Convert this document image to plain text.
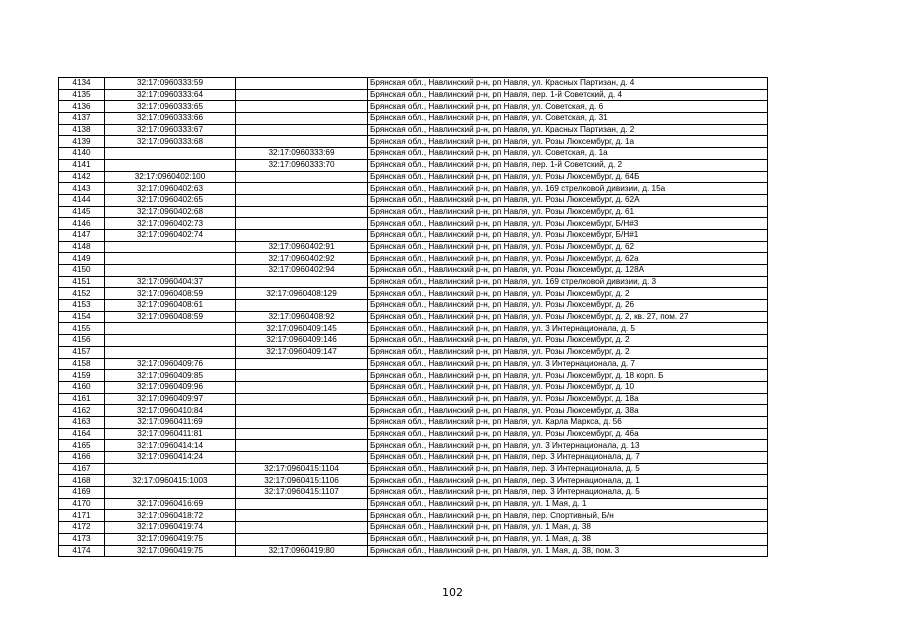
4134	32:17:0960333:59		Брянская обл., Навлинский р-н, рп Навля, ул. Красных Партизан, д. 4
4135	32:17:0960333:64		Брянская обл., Навлинский р-н, рп Навля, пер. 1-й Советский, д. 4
4136	32:17:0960333:65		Брянская обл., Навлинский р-н, рп Навля, ул. Советская, д. 6
4137	32:17:0960333:66		Брянская обл., Навлинский р-н, рп Навля, ул. Советская, д. 31
4138	32:17:0960333:67		Брянская обл., Навлинский р-н, рп Навля, ул. Красных Партизан, д. 2
4139	32:17:0960333:68		Брянская обл., Навлинский р-н, рп Навля, ул. Розы Люксембург, д. 1а
4140		32:17:0960333:69	Брянская обл., Навлинский р-н, рп Навля, ул. Советская, д. 1а
4141		32:17:0960333:70	Брянская обл., Навлинский р-н, рп Навля, пер. 1-й Советский, д. 2
4142	32:17:0960402:100		Брянская обл., Навлинский р-н, рп Навля, ул. Розы Люксембург, д. 64Б
4143	32:17:0960402:63		Брянская обл., Навлинский р-н, рп Навля, ул. 169 стрелковой дивизии, д. 15а
4144	32:17:0960402:65		Брянская обл., Навлинский р-н, рп Навля, ул. Розы Люксембург, д. 62А
4145	32:17:0960402:68		Брянская обл., Навлинский р-н, рп Навля, ул. Розы Люксембург, д. 61
4146	32:17:0960402:73		Брянская обл., Навлинский р-н, рп Навля, ул. Розы Люксембург, Б/Н#3
4147	32:17:0960402:74		Брянская обл., Навлинский р-н, рп Навля, ул. Розы Люксембург, Б/Н#1
4148		32:17:0960402:91	Брянская обл., Навлинский р-н, рп Навля, ул. Розы Люксембург, д. 62
4149		32:17:0960402:92	Брянская обл., Навлинский р-н, рп Навля, ул. Розы Люксембург, д. 62а
4150		32:17:0960402:94	Брянская обл., Навлинский р-н, рп Навля, ул. Розы Люксембург, д. 128А
4151	32:17:0960404:37		Брянская обл., Навлинский р-н, рп Навля, ул. 169 стрелковой дивизии, д. 3
4152	32:17:0960408:59	32:17:0960408:129	Брянская обл., Навлинский р-н, рп Навля, ул. Розы Люксембург, д. 2
4153	32:17:0960408:61		Брянская обл., Навлинский р-н, рп Навля, ул. Розы Люксембург, д. 26
4154	32:17:0960408:59	32:17:0960408:92	Брянская обл., Навлинский р-н, рп Навля, ул. Розы Люксембург, д. 2, кв. 27, пом. 27
4155		32:17:0960409:145	Брянская обл., Навлинский р-н, рп Навля, ул. 3 Интернационала, д. 5
4156		32:17:0960409:146	Брянская обл., Навлинский р-н, рп Навля, ул. Розы Люксембург, д. 2
4157		32:17:0960409:147	Брянская обл., Навлинский р-н, рп Навля, ул. Розы Люксембург, д. 2
4158	32:17:0960409:76		Брянская обл., Навлинский р-н, рп Навля, ул. 3 Интернационала, д. 7
4159	32:17:0960409:85		Брянская обл., Навлинский р-н, рп Навля, ул. Розы Люксембург, д. 18 корп. Б
4160	32:17:0960409:96		Брянская обл., Навлинский р-н, рп Навля, ул. Розы Люксембург, д. 10
4161	32:17:0960409:97		Брянская обл., Навлинский р-н, рп Навля, ул. Розы Люксембург, д. 18а
4162	32:17:0960410:84		Брянская обл., Навлинский р-н, рп Навля, ул. Розы Люксембург, д. 38а
4163	32:17:0960411:69		Брянская обл., Навлинский р-н, рп Навля, ул. Карла Маркса, д. 56
4164	32:17:0960411:81		Брянская обл., Навлинский р-н, рп Навля, ул. Розы Люксембург, д. 46а
4165	32:17:0960414:14		Брянская обл., Навлинский р-н, рп Навля, ул. 3 Интернационала, д. 13
4166	32:17:0960414:24		Брянская обл., Навлинский р-н, рп Навля, пер. 3 Интернационала, д. 7
4167		32:17:0960415:1104	Брянская обл., Навлинский р-н, рп Навля, пер. 3 Интернационала, д. 5
4168	32:17:0960415:1003	32:17:0960415:1106	Брянская обл., Навлинский р-н, рп Навля, пер. 3 Интернационала, д. 1
4169		32:17:0960415:1107	Брянская обл., Навлинский р-н, рп Навля, пер. 3 Интернационала, д. 5
4170	32:17:0960416:69		Брянская обл., Навлинский р-н, рп Навля, ул. 1 Мая, д. 1
4171	32:17:0960418:72		Брянская обл., Навлинский р-н, рп Навля, пер. Спортивный, Б/н
4172	32:17:0960419:74		Брянская обл., Навлинский р-н, рп Навля, ул. 1 Мая, д. 38
4173	32:17:0960419:75		Брянская обл., Навлинский р-н, рп Навля, ул. 1 Мая, д. 38
4174	32:17:0960419:75	32:17:0960419:80	Брянская обл., Навлинский р-н, рп Навля, ул. 1 Мая, д. 38, пом. 3
102
